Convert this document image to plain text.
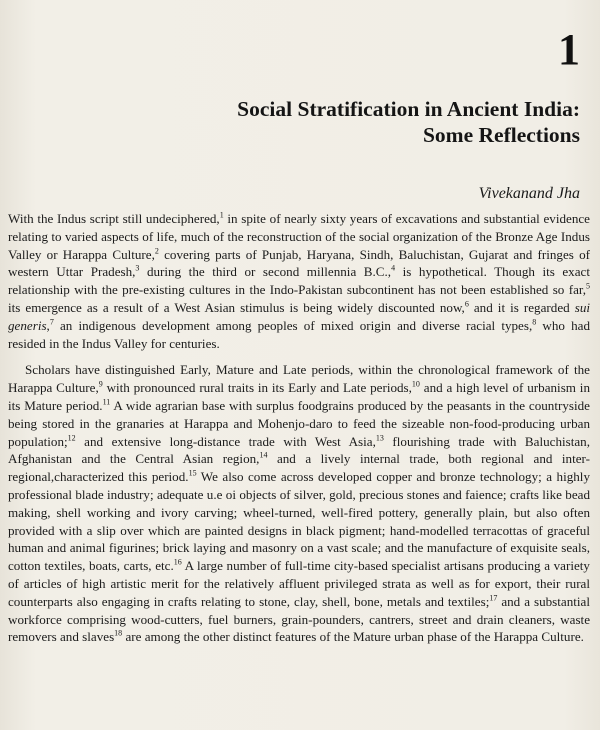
1
Social Stratification in Ancient India:
Some Reflections
Vivekanand Jha

With the Indus script still undeciphered,$^1$ in spite of nearly sixty years of excavations and substantial evidence relating to varied aspects of life, much of the reconstruction of the social organization of the Bronze Age Indus Valley or Harappa Culture,$^2$ covering parts of Punjab, Haryana, Sindh, Baluchistan, Gujarat and fringes of western Uttar Pradesh,$^3$ during the third or second millennia B.C.,$^4$ is hypothetical. Though its exact relationship with the pre-existing cultures in the Indo-Pakistan subcontinent has not been established so far,$^5$ its emergence as a result of a West Asian stimulus is being widely discounted now,$^6$ and it is regarded sui generis,$^7$ an indigenous development among peoples of mixed origin and diverse racial types,$^8$ who had resided in the Indus Valley for centuries.

Scholars have distinguished Early, Mature and Late periods, within the chronological framework of the Harappa Culture,$^9$ with pronounced rural traits in its Early and Late periods,$^{10}$ and a high level of urbanism in its Mature period.$^{11}$ A wide agrarian base with surplus foodgrains produced by the peasants in the countryside being stored in the granaries at Harappa and Mohenjo-daro to feed the sizeable non-food-producing urban population;$^{12}$ and extensive long-distance trade with West Asia,$^{13}$ flourishing trade with Baluchistan, Afghanistan and the Central Asian region,$^{14}$ and a lively internal trade, both regional and inter-regional,characterized this period.$^{15}$ We also come across developed copper and bronze technology; a highly professional blade industry; adequate u.e oi objects of silver, gold, precious stones and faience; crafts like bead making, shell working and ivory carving; wheel-turned, well-fired pottery, generally plain, but also often provided with a slip over which are painted designs in black pigment; hand-modelled terracottas of graceful human and animal figurines; brick laying and masonry on a vast scale; and the manufacture of exquisite seals, cotton textiles, boats, carts, etc.$^{16}$ A large number of full-time city-based specialist artisans producing a variety of articles of high artistic merit for the relatively affluent privileged strata as well as for export, their rural counterparts also engaging in crafts relating to stone, clay, shell, bone, metals and textiles;$^{17}$ and a substantial workforce comprising wood-cutters, fuel burners, grain-pounders, cantrers, street and drain cleaners, waste removers and slaves$^{18}$ are among the other distinct features of the Mature urban phase of the Harappa Culture.
